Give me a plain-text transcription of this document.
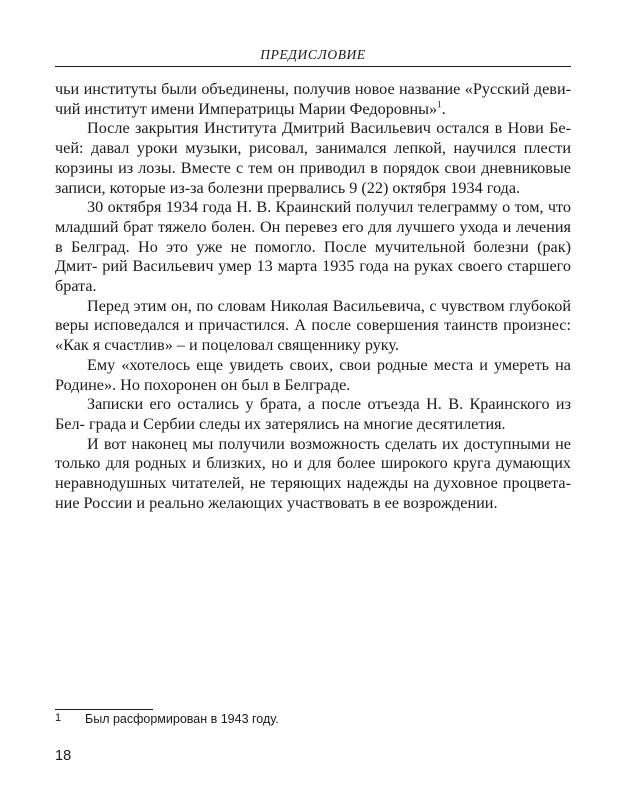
ПРЕДИСЛОВИЕ

чьи институты были объединены, получив новое название «Русский деви- чий институт имени Императрицы Марии Федоровны»$^1$.

После закрытия Института Дмитрий Васильевич остался в Нови Бе- чей: давал уроки музыки, рисовал, занимался лепкой, научился плести корзины из лозы. Вместе с тем он приводил в порядок свои дневниковые записи, которые из-за болезни прервались 9 (22) октября 1934 года.

30 октября 1934 года Н. В. Краинский получил телеграмму о том, что младший брат тяжело болен. Он перевез его для лучшего ухода и лечения в Белград. Но это уже не помогло. После мучительной болезни (рак) Дмит- рий Васильевич умер 13 марта 1935 года на руках своего старшего брата.

Перед этим он, по словам Николая Васильевича, с чувством глубокой веры исповедался и причастился. А после совершения таинств произнес: «Как я счастлив» – и поцеловал священнику руку.

Ему «хотелось еще увидеть своих, свои родные места и умереть на Родине». Но похоронен он был в Белграде.

Записки его остались у брата, а после отъезда Н. В. Краинского из Бел- града и Сербии следы их затерялись на многие десятилетия.

И вот наконец мы получили возможность сделать их доступными не только для родных и близких, но и для более широкого круга думающих неравнодушных читателей, не теряющих надежды на духовное процвета- ние России и реально желающих участвовать в ее возрождении.

1 Был расформирован в 1943 году.
18
